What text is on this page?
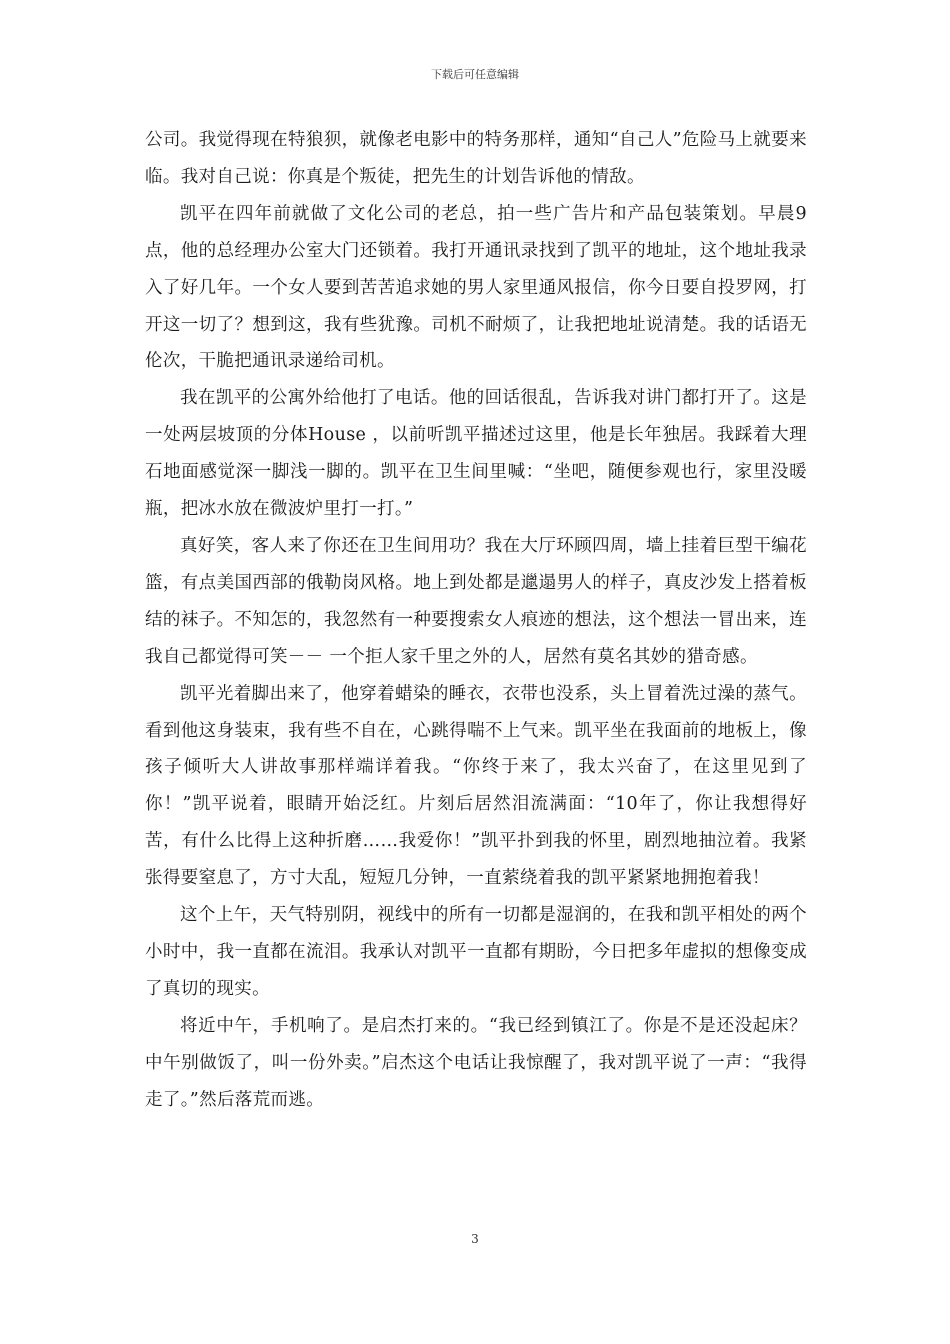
下载后可任意编辑

公司。我觉得现在特狼狈，就像老电影中的特务那样，通知“自己人”危险马上就要来临。我对自己说：你真是个叛徒，把先生的计划告诉他的情敌。

凯平在四年前就做了文化公司的老总，拍一些广告片和产品包装策划。早晨9点，他的总经理办公室大门还锁着。我打开通讯录找到了凯平的地址，这个地址我录入了好几年。一个女人要到苦苦追求她的男人家里通风报信，你今日要自投罗网，打开这一切了？想到这，我有些犹豫。司机不耐烦了，让我把地址说清楚。我的话语无伦次，干脆把通讯录递给司机。

我在凯平的公寓外给他打了电话。他的回话很乱，告诉我对讲门都打开了。这是一处两层坡顶的分体House ，以前听凯平描述过这里，他是长年独居。我踩着大理石地面感觉深一脚浅一脚的。凯平在卫生间里喊：“坐吧，随便参观也行，家里没暖瓶，把冰水放在微波炉里打一打。”

真好笑，客人来了你还在卫生间用功？我在大厅环顾四周，墙上挂着巨型干编花篮，有点美国西部的俄勒岗风格。地上到处都是邋遢男人的样子，真皮沙发上搭着板结的袜子。不知怎的，我忽然有一种要搜索女人痕迹的想法，这个想法一冒出来，连我自己都觉得可笑－－ 一个拒人家千里之外的人，居然有莫名其妙的猎奇感。

凯平光着脚出来了，他穿着蜡染的睡衣，衣带也没系，头上冒着洗过澡的蒸气。看到他这身装束，我有些不自在，心跳得喘不上气来。凯平坐在我面前的地板上，像孩子倾听大人讲故事那样端详着我。“你终于来了，我太兴奋了，在这里见到了你！”凯平说着，眼睛开始泛红。片刻后居然泪流满面：“10年了，你让我想得好苦，有什么比得上这种折磨……我爱你！”凯平扑到我的怀里，剧烈地抽泣着。我紧张得要窒息了，方寸大乱，短短几分钟，一直萦绕着我的凯平紧紧地拥抱着我！

这个上午，天气特别阴，视线中的所有一切都是湿润的，在我和凯平相处的两个小时中，我一直都在流泪。我承认对凯平一直都有期盼，今日把多年虚拟的想像变成了真切的现实。

将近中午，手机响了。是启杰打来的。“我已经到镇江了。你是不是还没起床？中午别做饭了，叫一份外卖。”启杰这个电话让我惊醒了，我对凯平说了一声：“我得走了。”然后落荒而逃。

3
